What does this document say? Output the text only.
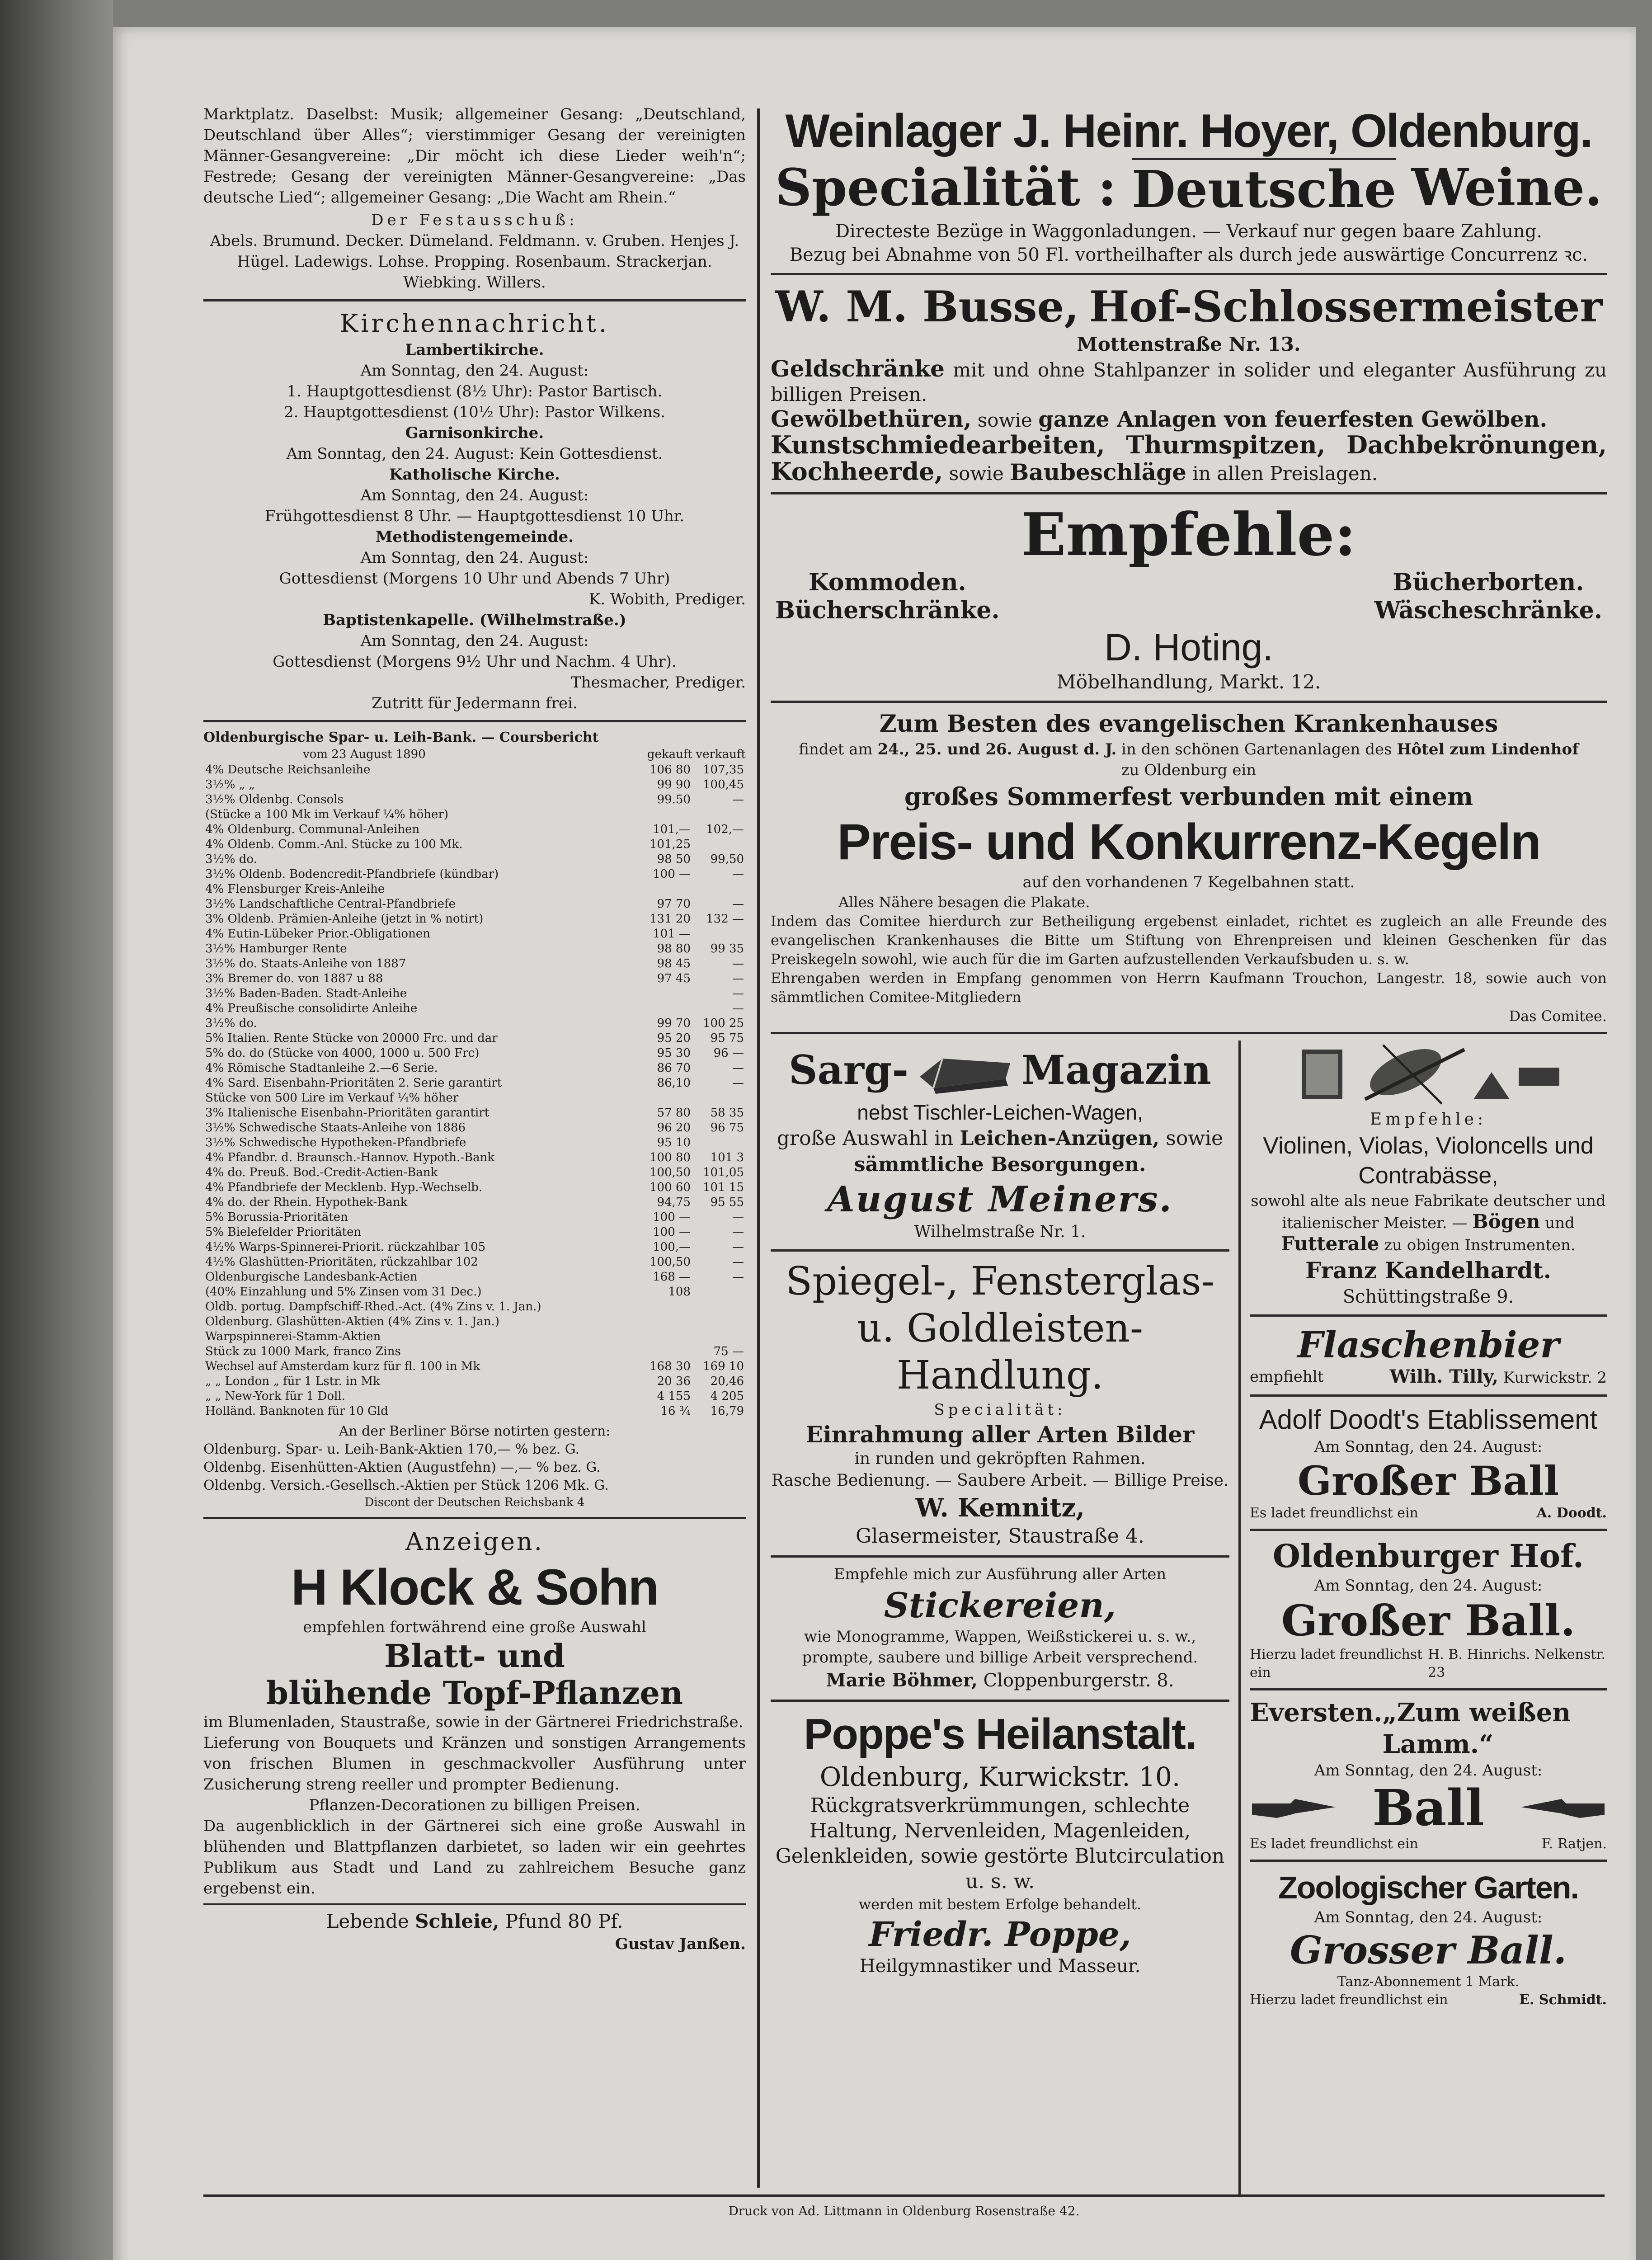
Marktplatz. Daselbst: Musik; allgemeiner Gesang: „Deutschland, Deutschland über Alles“; vierstimmiger Gesang der vereinigten Männer-Gesangvereine: „Dir möcht ich diese Lieder weih'n“; Festrede; Gesang der vereinigten Männer-Gesangvereine: „Das deutsche Lied“; allgemeiner Gesang: „Die Wacht am Rhein.“
Der Festausschuß:
Abels. Brumund. Decker. Dümeland. Feldmann. v. Gruben. Henjes J. Hügel. Ladewigs. Lohse. Propping. Rosenbaum. Strackerjan. Wiebking. Willers.
Kirchennachricht.
Lambertikirche.
Am Sonntag, den 24. August:
1. Hauptgottesdienst (8½ Uhr): Pastor Bartisch.
2. Hauptgottesdienst (10½ Uhr): Pastor Wilkens.
Garnisonkirche.
Am Sonntag, den 24. August: Kein Gottesdienst.
Katholische Kirche.
Am Sonntag, den 24. August:
Frühgottesdienst 8 Uhr. — Hauptgottesdienst 10 Uhr.
Methodistengemeinde.
Am Sonntag, den 24. August:
Gottesdienst (Morgens 10 Uhr und Abends 7 Uhr)
K. Wobith, Prediger.
Baptistenkapelle. (Wilhelmstraße.)
Am Sonntag, den 24. August:
Gottesdienst (Morgens 9½ Uhr und Nachm. 4 Uhr).
Thesmacher, Prediger.
Zutritt für Jedermann frei.
Oldenburgische Spar- u. Leih-Bank. — Coursbericht
vom 23 August 1890	gekauft verkauft
4% Deutsche Reichsanleihe	106 80	107,35
3½% „ „	99 90	100,45
3½% Oldenbg. Consols	99.50	—
(Stücke a 100 Mk im Verkauf ¼% höher)		
4% Oldenburg. Communal-Anleihen	101,—	102,—
4% Oldenb. Comm.-Anl. Stücke zu 100 Mk.	101,25	
3½% do.	98 50	99,50
3½% Oldenb. Bodencredit-Pfandbriefe (kündbar)	100 —	—
4% Flensburger Kreis-Anleihe		
3½% Landschaftliche Central-Pfandbriefe	97 70	—
3% Oldenb. Prämien-Anleihe (jetzt in % notirt)	131 20	132 —
4% Eutin-Lübeker Prior.-Obligationen	101 —	
3½% Hamburger Rente	98 80	99 35
3½% do. Staats-Anleihe von 1887	98 45	—
3% Bremer do. von 1887 u 88	97 45	—
3½% Baden-Baden. Stadt-Anleihe		—
4% Preußische consolidirte Anleihe		—
3½% do.	99 70	100 25
5% Italien. Rente Stücke von 20000 Frc. und dar	95 20	95 75
5% do. do (Stücke von 4000, 1000 u. 500 Frc)	95 30	96 —
4% Römische Stadtanleihe 2.—6 Serie.	86 70	—
4% Sard. Eisenbahn-Prioritäten 2. Serie garantirt	86,10	—
Stücke von 500 Lire im Verkauf ¼% höher		
3% Italienische Eisenbahn-Prioritäten garantirt	57 80	58 35
3½% Schwedische Staats-Anleihe von 1886	96 20	96 75
3½% Schwedische Hypotheken-Pfandbriefe	95 10	
4% Pfandbr. d. Braunsch.-Hannov. Hypoth.-Bank	100 80	101 3
4% do. Preuß. Bod.-Credit-Actien-Bank	100,50	101,05
4% Pfandbriefe der Mecklenb. Hyp.-Wechselb.	100 60	101 15
4% do. der Rhein. Hypothek-Bank	94,75	95 55
5% Borussia-Prioritäten	100 —	—
5% Bielefelder Prioritäten	100 —	—
4½% Warps-Spinnerei-Priorit. rückzahlbar 105	100,—	—
4½% Glashütten-Prioritäten, rückzahlbar 102	100,50	—
Oldenburgische Landesbank-Actien	168 —	—
(40% Einzahlung und 5% Zinsen vom 31 Dec.)	108	
Oldb. portug. Dampfschiff-Rhed.-Act. (4% Zins v. 1. Jan.)		
Oldenburg. Glashütten-Aktien (4% Zins v. 1. Jan.)		
Warpspinnerei-Stamm-Aktien		
Stück zu 1000 Mark, franco Zins		75 —
Wechsel auf Amsterdam kurz für fl. 100 in Mk	168 30	169 10
„ „ London „ für 1 Lstr. in Mk	20 36	20,46
„ „ New-York für 1 Doll.	4 155	4 205
Holländ. Banknoten für 10 Gld	16 ¾	16,79
An der Berliner Börse notirten gestern:
Oldenburg. Spar- u. Leih-Bank-Aktien 170,— % bez. G.
Oldenbg. Eisenhütten-Aktien (Augustfehn) —,— % bez. G.
Oldenbg. Versich.-Gesellsch.-Aktien per Stück 1206 Mk. G.
Discont der Deutschen Reichsbank 4
Anzeigen.
H Klock & Sohn
empfehlen fortwährend eine große Auswahl
Blatt- und
blühende Topf-Pflanzen
im Blumenladen, Staustraße, sowie in der Gärtnerei Friedrichstraße.
Lieferung von Bouquets und Kränzen und sonstigen Arrangements von frischen Blumen in geschmackvoller Ausführung unter Zusicherung streng reeller und prompter Bedienung.
Pflanzen-Decorationen zu billigen Preisen.
Da augenblicklich in der Gärtnerei sich eine große Auswahl in blühenden und Blattpflanzen darbietet, so laden wir ein geehrtes Publikum aus Stadt und Land zu zahlreichem Besuche ganz ergebenst ein.
Lebende Schleie, Pfund 80 Pf.
Gustav Janßen.
Weinlager J. Heinr. Hoyer, Oldenburg.
Specialität : Deutsche Weine.
Directeste Bezüge in Waggonladungen. — Verkauf nur gegen baare Zahlung.
Bezug bei Abnahme von 50 Fl. vortheilhafter als durch jede auswärtige Concurrenz ꝛc.
W. M. Busse, Hof-Schlossermeister
Mottenstraße Nr. 13.
Geldschränke mit und ohne Stahlpanzer in solider und eleganter Ausführung zu billigen Preisen.
Gewölbethüren, sowie ganze Anlagen von feuerfesten Gewölben.
Kunstschmiedearbeiten, Thurmspitzen, Dachbekrönungen, Kochheerde, sowie Baubeschläge in allen Preislagen.
Empfehle:
Kommoden.
Bücherschränke.
Bücherborten.
Wäscheschränke.
D. Hoting.
Möbelhandlung, Markt. 12.
Zum Besten des evangelischen Krankenhauses
findet am 24., 25. und 26. August d. J. in den schönen Gartenanlagen des Hôtel zum Lindenhof
zu Oldenburg ein
großes Sommerfest verbunden mit einem
Preis- und Konkurrenz-Kegeln
auf den vorhandenen 7 Kegelbahnen statt.
Alles Nähere besagen die Plakate.
Indem das Comitee hierdurch zur Betheiligung ergebenst einladet, richtet es zugleich an alle Freunde des evangelischen Krankenhauses die Bitte um Stiftung von Ehrenpreisen und kleinen Geschenken für das Preiskegeln sowohl, wie auch für die im Garten aufzustellenden Verkaufsbuden u. s. w.
Ehrengaben werden in Empfang genommen von Herrn Kaufmann Trouchon, Langestr. 18, sowie auch von sämmtlichen Comitee-Mitgliedern
Das Comitee.
Sarg-	Magazin
nebst Tischler-Leichen-Wagen,
große Auswahl in Leichen-Anzügen, sowie
sämmtliche Besorgungen.
August Meiners.
Wilhelmstraße Nr. 1.
Spiegel-, Fensterglas-
u. Goldleisten-Handlung.
Specialität:
Einrahmung aller Arten Bilder
in runden und gekröpften Rahmen.
Rasche Bedienung. — Saubere Arbeit. — Billige Preise.
W. Kemnitz,
Glasermeister, Staustraße 4.
Empfehle mich zur Ausführung aller Arten
Stickereien,
wie Monogramme, Wappen, Weißstickerei u. s. w., prompte, saubere und billige Arbeit versprechend.
Marie Böhmer, Cloppenburgerstr. 8.
Poppe's Heilanstalt.
Oldenburg, Kurwickstr. 10.
Rückgratsverkrümmungen, schlechte Haltung, Nervenleiden, Magenleiden, Gelenkleiden, sowie gestörte Blutcirculation u. s. w.
werden mit bestem Erfolge behandelt.
Friedr. Poppe,
Heilgymnastiker und Masseur.
Empfehle:
Violinen, Violas, Violoncells und Contrabässe,
sowohl alte als neue Fabrikate deutscher und italienischer Meister. — Bögen und Futterale zu obigen Instrumenten.
Franz Kandelhardt.
Schüttingstraße 9.
Flaschenbier
empfiehlt	Wilh. Tilly, Kurwickstr. 2
Adolf Doodt's Etablissement
Am Sonntag, den 24. August:
Großer Ball
Es ladet freundlichst ein	A. Doodt.
Oldenburger Hof.
Am Sonntag, den 24. August:
Großer Ball.
Hierzu ladet freundlichst ein
H. B. Hinrichs. Nelkenstr. 23
Eversten. „Zum weißen Lamm.“
Am Sonntag, den 24. August:
Ball
Es ladet freundlichst ein	F. Ratjen.
Zoologischer Garten.
Am Sonntag, den 24. August:
Grosser Ball.
Tanz-Abonnement 1 Mark.
Hierzu ladet freundlichst ein	E. Schmidt.
Druck von Ad. Littmann in Oldenburg Rosenstraße 42.
